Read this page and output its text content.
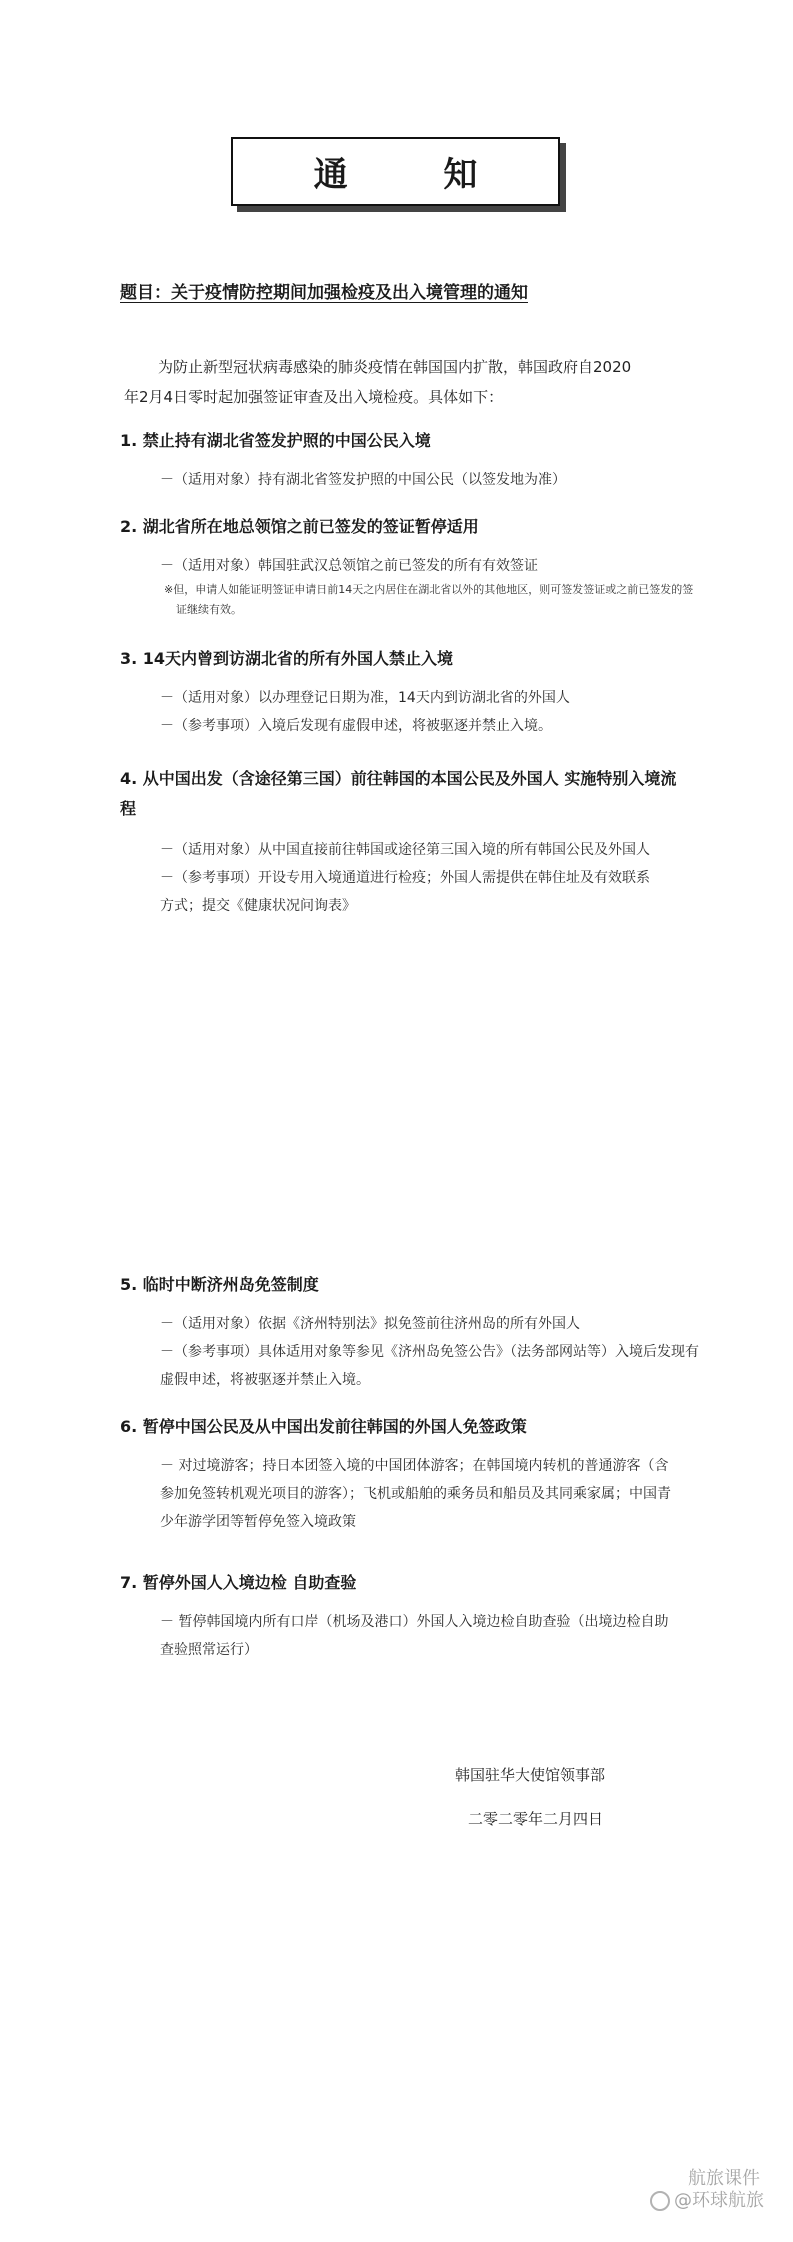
通 知
题目：关于疫情防控期间加强检疫及出入境管理的通知
为防止新型冠状病毒感染的肺炎疫情在韩国国内扩散，韩国政府自2020年2月4日零时起加强签证审查及出入境检疫。具体如下：
1. 禁止持有湖北省签发护照的中国公民入境
－（适用对象）持有湖北省签发护照的中国公民（以签发地为准）
2. 湖北省所在地总领馆之前已签发的签证暂停适用
－（适用对象）韩国驻武汉总领馆之前已签发的所有有效签证
※但，申请人如能证明签证申请日前14天之内居住在湖北省以外的其他地区，则可签发签证或之前已签发的签证继续有效。
3. 14天内曾到访湖北省的所有外国人禁止入境
－（适用对象）以办理登记日期为准，14天内到访湖北省的外国人
－（参考事项）入境后发现有虚假申述，将被驱逐并禁止入境。
4. 从中国出发（含途径第三国）前往韩国的本国公民及外国人 实施特别入境流程
－（适用对象）从中国直接前往韩国或途径第三国入境的所有韩国公民及外国人
－（参考事项）开设专用入境通道进行检疫；外国人需提供在韩住址及有效联系方式；提交《健康状况问询表》
5. 临时中断济州岛免签制度
－（适用对象）依据《济州特别法》拟免签前往济州岛的所有外国人
－（参考事项）具体适用对象等参见《济州岛免签公告》（法务部网站等）入境后发现有虚假申述，将被驱逐并禁止入境。
6. 暂停中国公民及从中国出发前往韩国的外国人免签政策
－ 对过境游客；持日本团签入境的中国团体游客；在韩国境内转机的普通游客（含参加免签转机观光项目的游客）；飞机或船舶的乘务员和船员及其同乘家属；中国青少年游学团等暂停免签入境政策
7. 暂停外国人入境边检 自助查验
－ 暂停韩国境内所有口岸（机场及港口）外国人入境边检自助查验（出境边检自助查验照常运行）
韩国驻华大使馆领事部
二零二零年二月四日
航旅课件
@环球航旅
